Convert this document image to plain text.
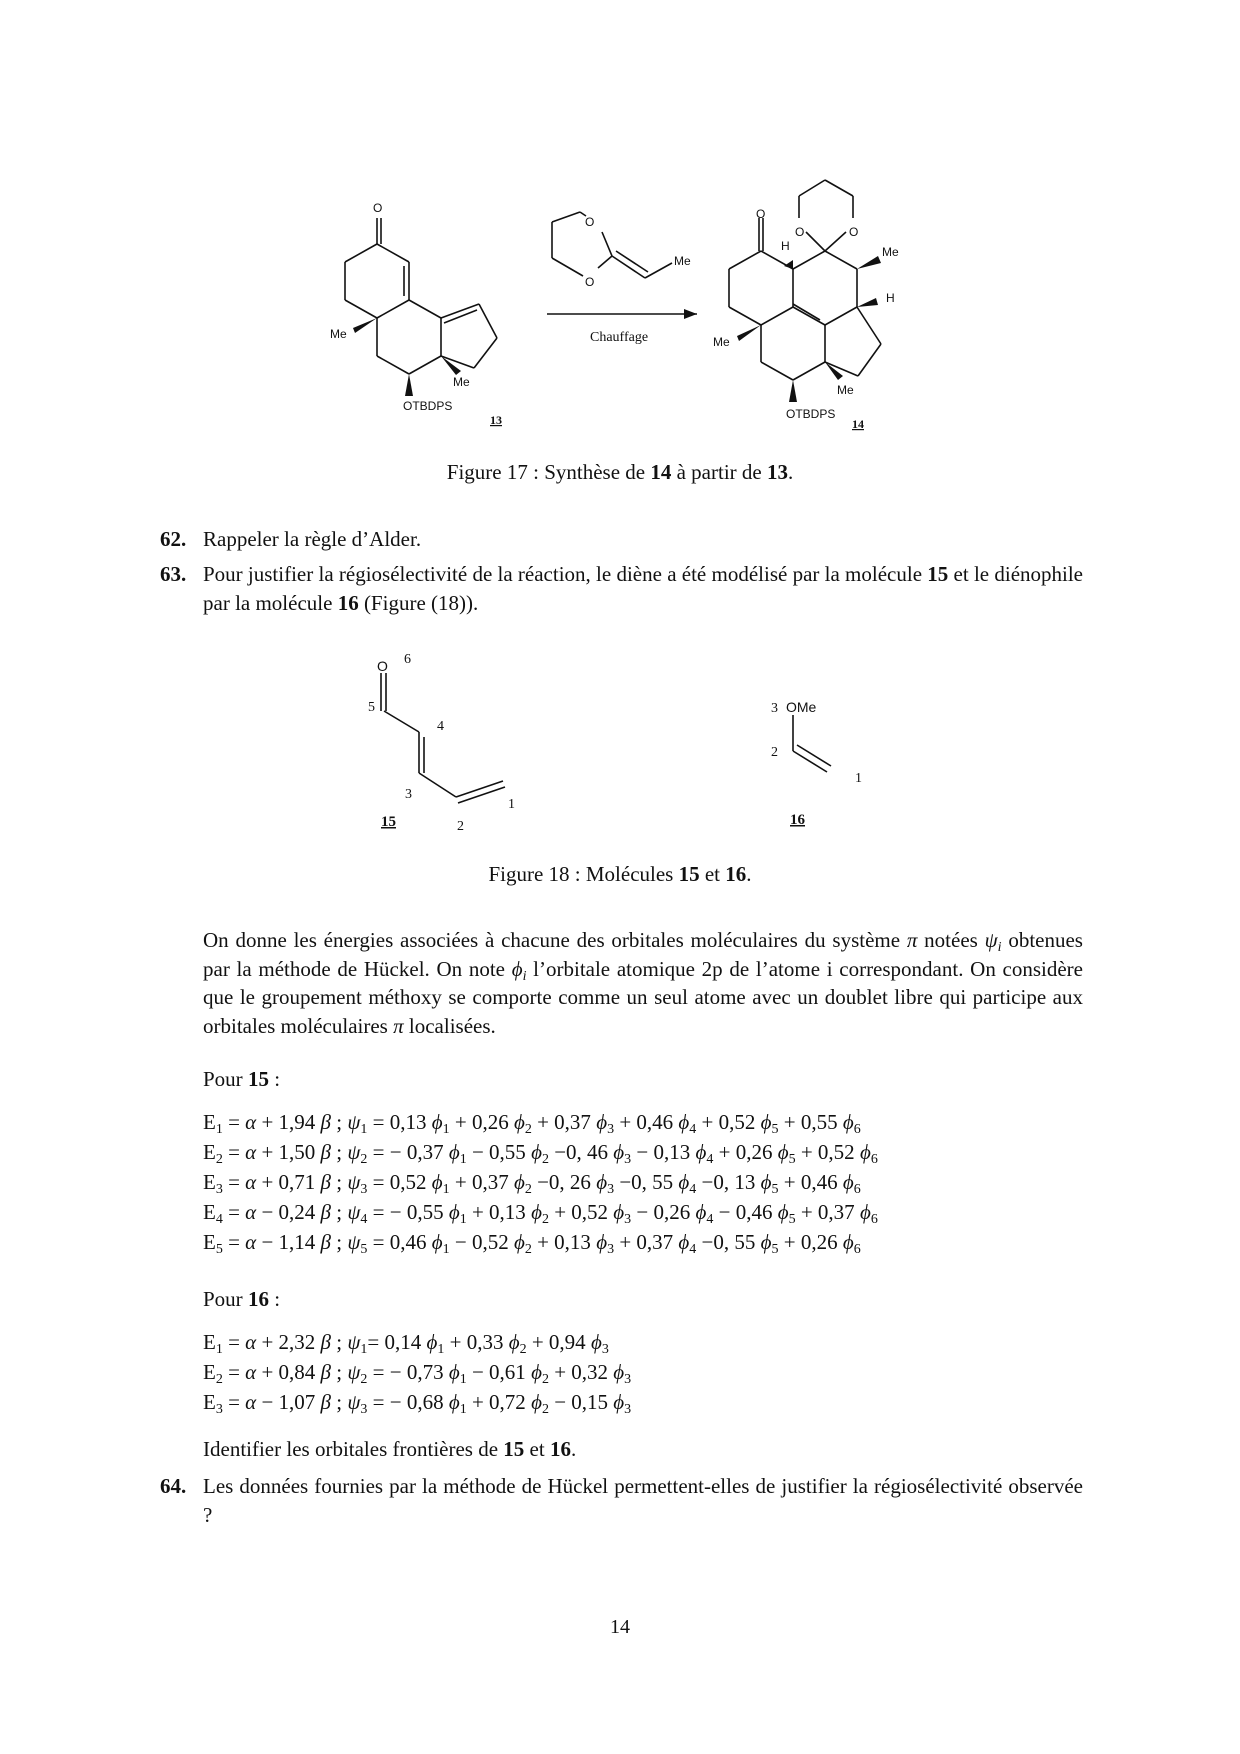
O
Me
Me
OTBDPS
13
O
O
Me
Chauffage
O
O	O
H	Me
H
Me
Me
OTBDPS
14
Figure 17 : Synthèse de 14 à partir de 13.
62. Rappeler la règle d’Alder.
63. Pour justifier la régiosélectivité de la réaction, le diène a été modélisé par la molécule 15 et le diénophile par la molécule 16 (Figure (18)).
O 6
5
4
3
2
1
15
3 OMe
2
1
16
Figure 18 : Molécules 15 et 16.
On donne les énergies associées à chacune des orbitales moléculaires du système π notées $\psi_i$ obtenues par la méthode de Hückel. On note $\phi_i$ l’orbitale atomique 2p de l’atome i correspondant. On considère que le groupement méthoxy se comporte comme un seul atome avec un doublet libre qui participe aux orbitales moléculaires π localisées.
Pour 15 :
$E_1 = \alpha + 1,94$ β ; $\psi_1 = 0,13$ $\phi_1 + 0,26$ $\phi_2 + 0,37$ $\phi_3 + 0,46$ $\phi_4 + 0,52$ $\phi_5 + 0,55$ $\phi_6$
$E_2 = \alpha + 1,50$ β ; $\psi_2$ = − 0,37 $\phi_1 - 0,55$ $\phi_2 -0$, 46 $\phi_3 - 0,13$ $\phi_4 + 0,26$ $\phi_5 + 0,52$ $\phi_6$
$E_3 = \alpha + 0,71$ β ; $\psi_3 = 0,52$ $\phi_1 + 0,37$ $\phi_2 -0$, 26 $\phi_3 -0$, 55 $\phi_4 -0$, 13 $\phi_5 + 0,46$ $\phi_6$
$E_4 = \alpha - 0,24$ β ; $\psi_4$ = − 0,55 $\phi_1 + 0,13$ $\phi_2 + 0,52$ $\phi_3 - 0,26$ $\phi_4 - 0,46$ $\phi_5 + 0,37$ $\phi_6$
$E_5 = \alpha - 1,14$ β ; $\psi_5 = 0,46$ $\phi_1 - 0,52$ $\phi_2 + 0,13$ $\phi_3 + 0,37$ $\phi_4 -0$, 55 $\phi_5 + 0,26$ $\phi_6$
Pour 16 :
$E_1 = \alpha + 2,32$ β ; $\psi_1= 0,14$ $\phi_1 + 0,33$ $\phi_2 + 0,94$ $\phi_3$
$E_2 = \alpha + 0,84$ β ; $\psi_2$ = − 0,73 $\phi_1 - 0,61$ $\phi_2 + 0,32$ $\phi_3$
$E_3 = \alpha - 1,07$ β ; $\psi_3$ = − 0,68 $\phi_1 + 0,72$ $\phi_2 - 0,15$ $\phi_3$
Identifier les orbitales frontières de 15 et 16.
64. Les données fournies par la méthode de Hückel permettent-elles de justifier la régiosélectivité observée ?
14
